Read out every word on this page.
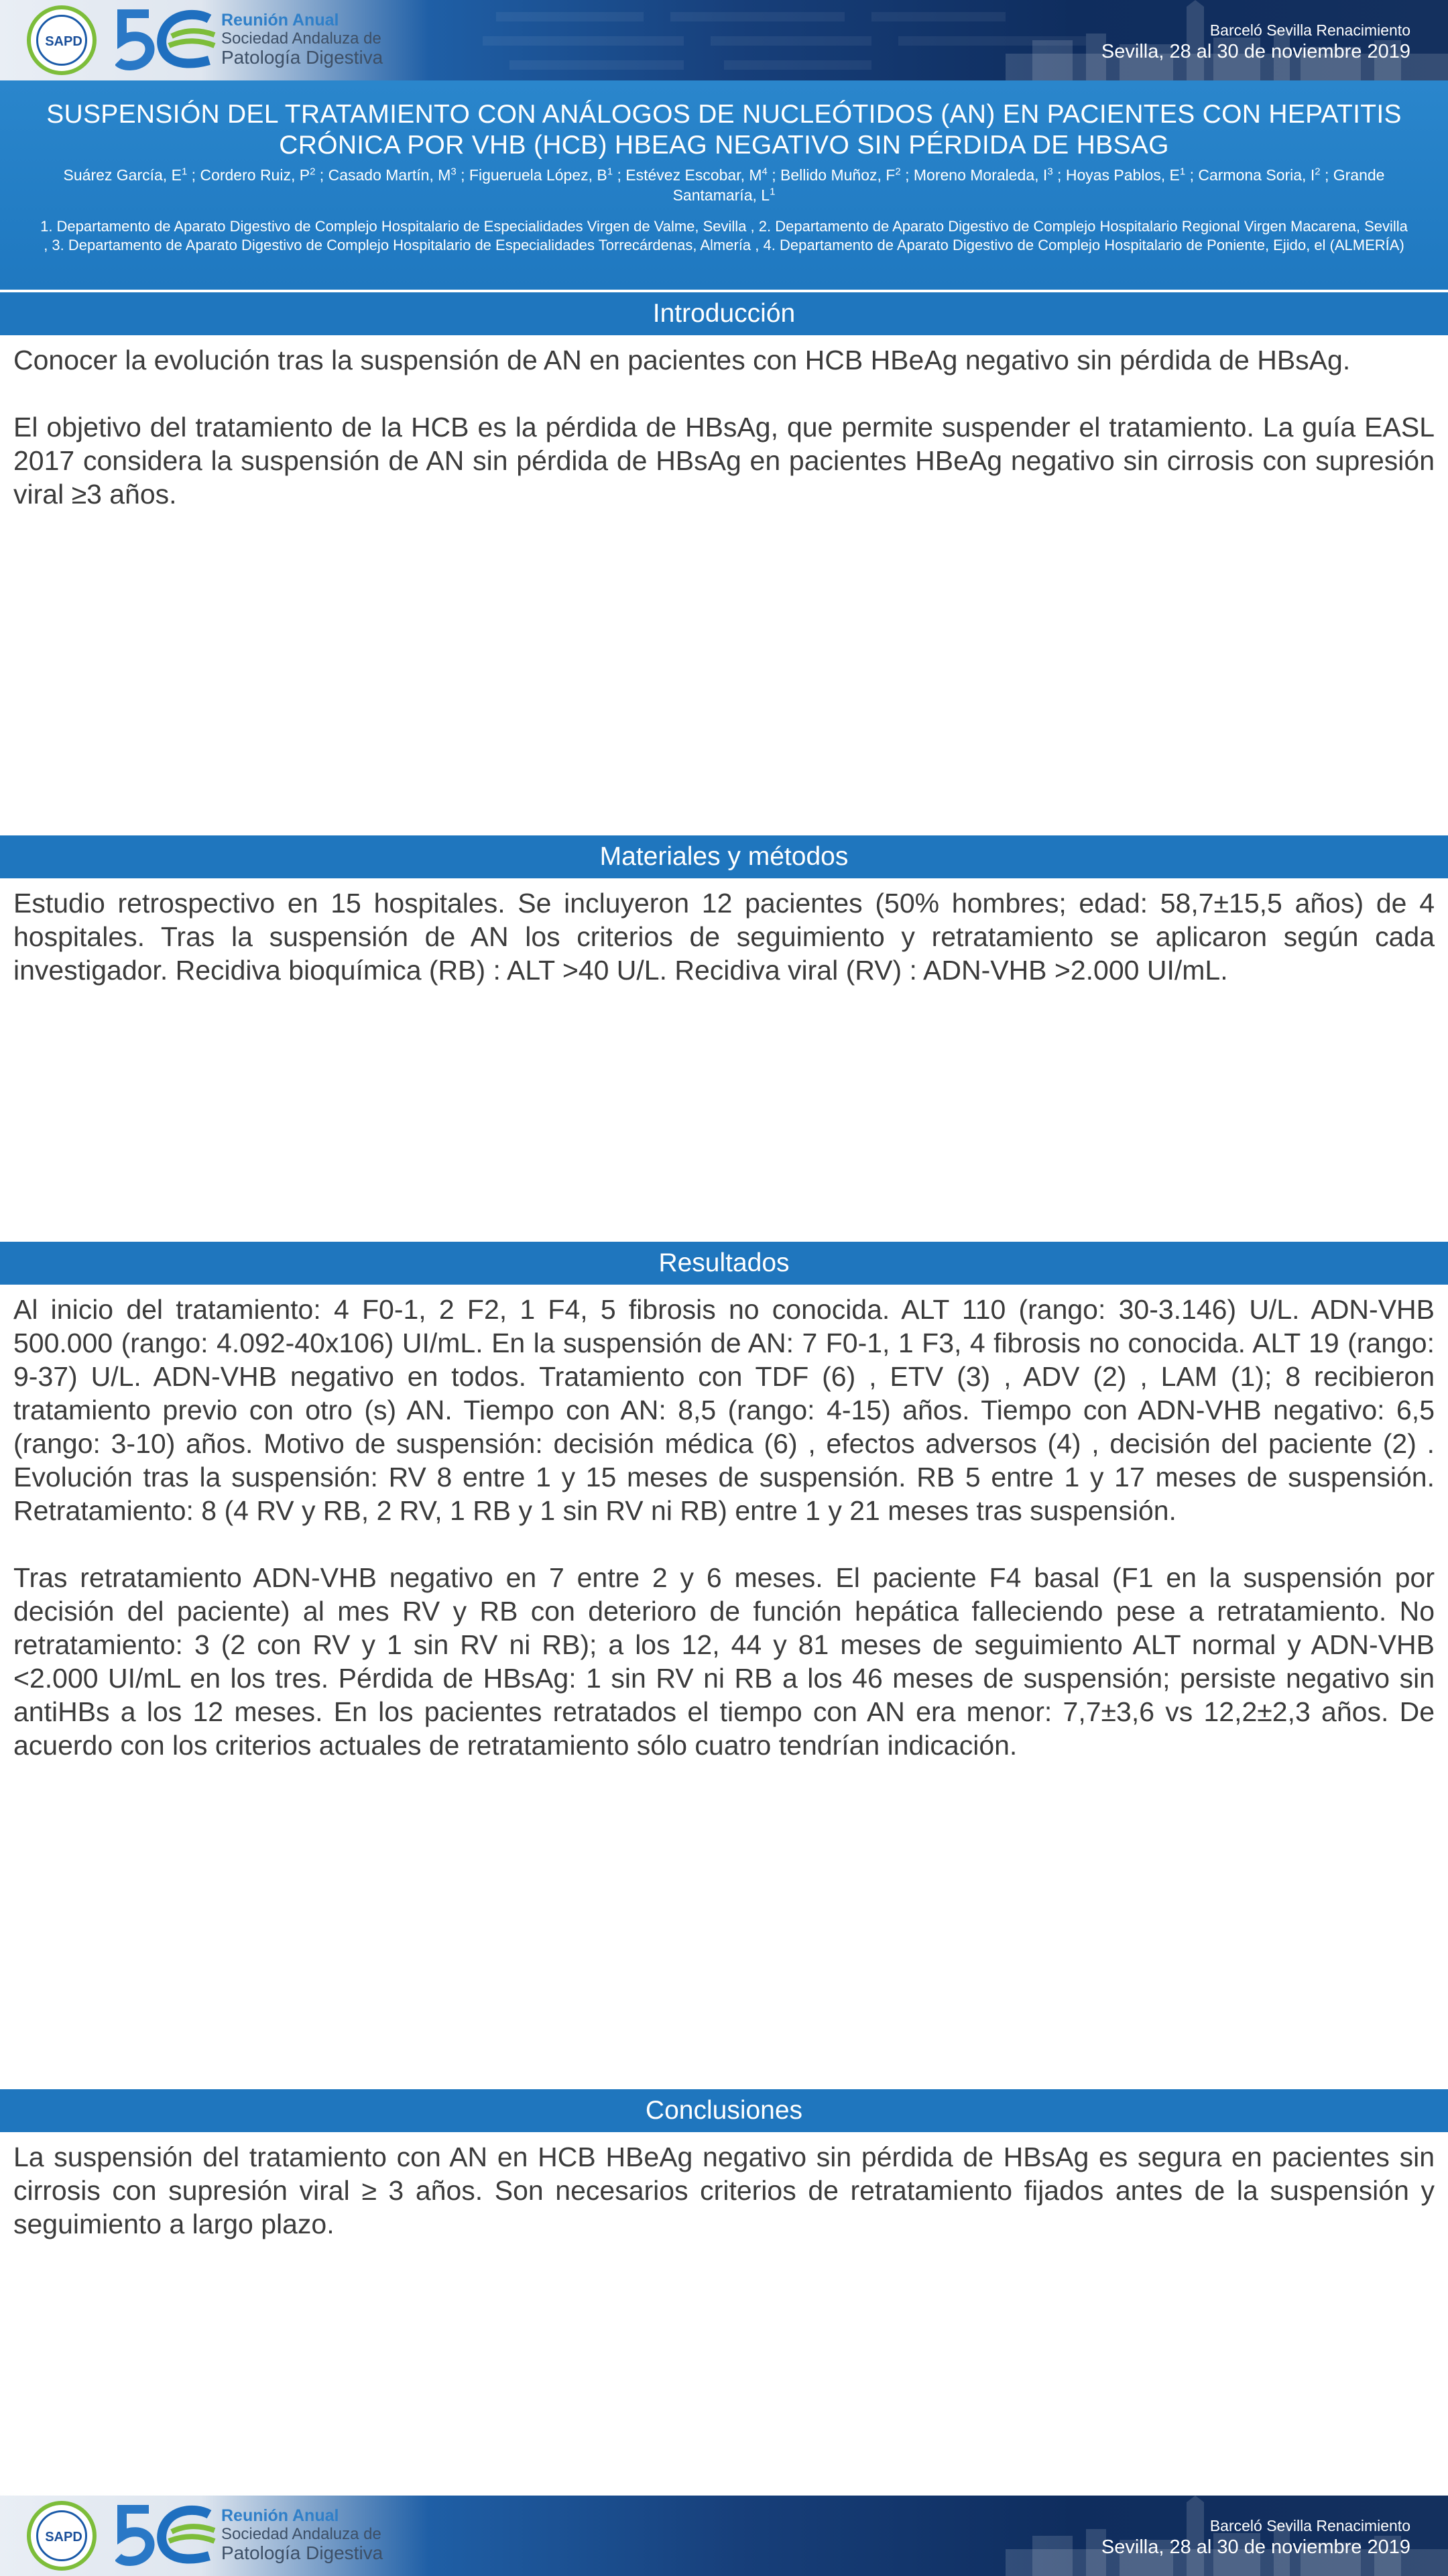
SAPD
Reunión Anual
Sociedad Andaluza de
Patología Digestiva
Barceló Sevilla Renacimiento
Sevilla, 28 al 30 de noviembre 2019
SUSPENSIÓN DEL TRATAMIENTO CON ANÁLOGOS DE NUCLEÓTIDOS (AN) EN PACIENTES CON HEPATITIS CRÓNICA POR VHB (HCB) HBEAG NEGATIVO SIN PÉRDIDA DE HBSAG
Suárez García, $E^1$ ; Cordero Ruiz, $P^2$ ; Casado Martín, $M^3$ ; Figueruela López, $B^1$ ; Estévez Escobar, $M^4$ ; Bellido Muñoz, $F^2$ ; Moreno Moraleda, $I^3$ ; Hoyas Pablos, $E^1$ ; Carmona Soria, $I^2$ ; Grande Santamaría, $L^1$
1. Departamento de Aparato Digestivo de Complejo Hospitalario de Especialidades Virgen de Valme, Sevilla , 2. Departamento de Aparato Digestivo de Complejo Hospitalario Regional Virgen Macarena, Sevilla , 3. Departamento de Aparato Digestivo de Complejo Hospitalario de Especialidades Torrecárdenas, Almería , 4. Departamento de Aparato Digestivo de Complejo Hospitalario de Poniente, Ejido, el (ALMERÍA)
Introducción

Conocer la evolución tras la suspensión de AN en pacientes con HCB HBeAg negativo sin pérdida de HBsAg.

El objetivo del tratamiento de la HCB es la pérdida de HBsAg, que permite suspender el tratamiento. La guía EASL 2017 considera la suspensión de AN sin pérdida de HBsAg en pacientes HBeAg negativo sin cirrosis con supresión viral ≥3 años.

Materiales y métodos

Estudio retrospectivo en 15 hospitales. Se incluyeron 12 pacientes (50% hombres; edad: 58,7±15,5 años) de 4 hospitales. Tras la suspensión de AN los criterios de seguimiento y retratamiento se aplicaron según cada investigador. Recidiva bioquímica (RB) : ALT >40 U/L. Recidiva viral (RV) : ADN-VHB >2.000 UI/mL.

Resultados

Al inicio del tratamiento: 4 F0-1, 2 F2, 1 F4, 5 fibrosis no conocida. ALT 110 (rango: 30-3.146) U/L. ADN-VHB 500.000 (rango: 4.092-40x106) UI/mL. En la suspensión de AN: 7 F0-1, 1 F3, 4 fibrosis no conocida. ALT 19 (rango: 9-37) U/L. ADN-VHB negativo en todos. Tratamiento con TDF (6) , ETV (3) , ADV (2) , LAM (1); 8 recibieron tratamiento previo con otro (s) AN. Tiempo con AN: 8,5 (rango: 4-15) años. Tiempo con ADN-VHB negativo: 6,5 (rango: 3-10) años. Motivo de suspensión: decisión médica (6) , efectos adversos (4) , decisión del paciente (2) . Evolución tras la suspensión: RV 8 entre 1 y 15 meses de suspensión. RB 5 entre 1 y 17 meses de suspensión. Retratamiento: 8 (4 RV y RB, 2 RV, 1 RB y 1 sin RV ni RB) entre 1 y 21 meses tras suspensión.

Tras retratamiento ADN-VHB negativo en 7 entre 2 y 6 meses. El paciente F4 basal (F1 en la suspensión por decisión del paciente) al mes RV y RB con deterioro de función hepática falleciendo pese a retratamiento. No retratamiento: 3 (2 con RV y 1 sin RV ni RB); a los 12, 44 y 81 meses de seguimiento ALT normal y ADN-VHB <2.000 UI/mL en los tres. Pérdida de HBsAg: 1 sin RV ni RB a los 46 meses de suspensión; persiste negativo sin antiHBs a los 12 meses. En los pacientes retratados el tiempo con AN era menor: 7,7±3,6 vs 12,2±2,3 años. De acuerdo con los criterios actuales de retratamiento sólo cuatro tendrían indicación.

Conclusiones

La suspensión del tratamiento con AN en HCB HBeAg negativo sin pérdida de HBsAg es segura en pacientes sin cirrosis con supresión viral ≥ 3 años. Son necesarios criterios de retratamiento fijados antes de la suspensión y seguimiento a largo plazo.

SAPD
Reunión Anual
Sociedad Andaluza de
Patología Digestiva
Barceló Sevilla Renacimiento
Sevilla, 28 al 30 de noviembre 2019
